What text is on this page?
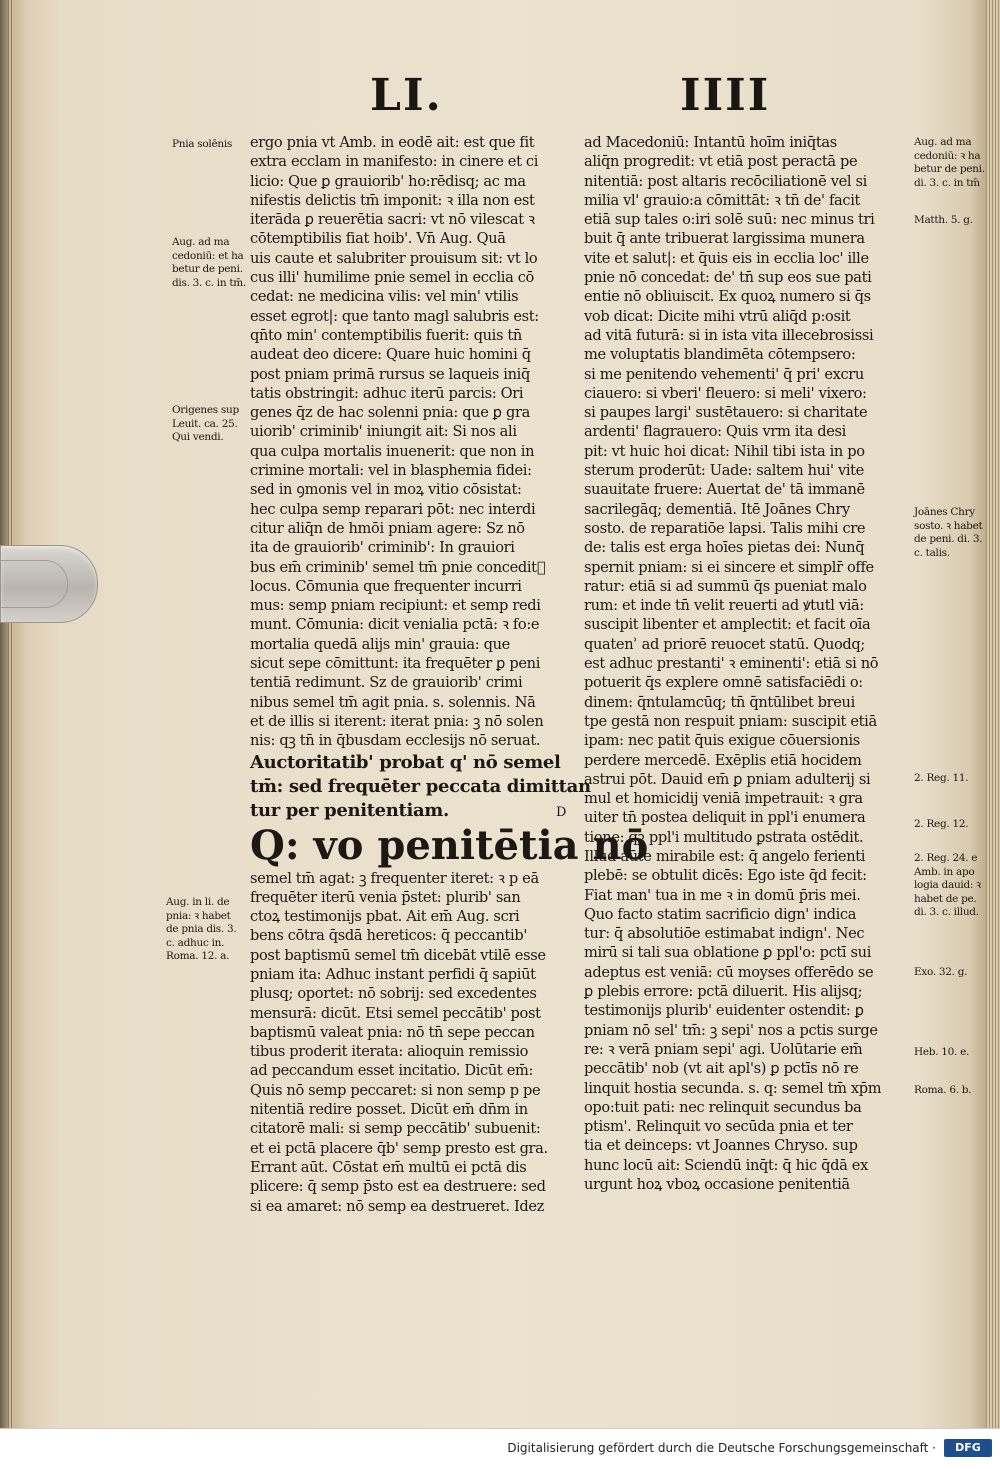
LI.	IIII
ergo pnia vt Amb. in eodē ait: est que fit
extra ecclam in manifesto: in cinere et ci
licio: Que ꝑ grauiorib' ho:rēdisq; ac ma
nifestis delictis tm̄ imponit: ꝛ illa non est
iterāda ꝑ reuerētia sacri: vt nō vilescat ꝛ
cōtemptibilis fiat hoib'. Vn̄ Aug. Quā
uis caute et salubriter prouisum sit: vt lo
cus illi' humilime pnie semel in ecclia cō
cedat: ne medicina vilis: vel min' vtilis
esset egrot|: que tanto magl salubris est:
qn̄to min' contemptibilis fuerit: quis tn̄
audeat deo dicere: Quare huic homini q̄
post pniam primā rursus se laqueis iniq̄
tatis obstringit: adhuc iterū parcis: Ori
genes q̄z de hac solenni pnia: que ꝑ gra
uiorib' criminib' iniungit ait: Si nos ali
qua culpa mortalis inuenerit: que non in
crimine mortali: vel in blasphemia fidei:
sed in ꝯmonis vel in moꝝ vitio cōsistat:
hec culpa semp reparari pōt: nec interdi
citur aliq̄n de hmōi pniam agere: Sz nō
ita de grauiorib' criminib': In grauiori
bus em̄ criminib' semel tm̄ pnie conceditᷣ
locus. Cōmunia que frequenter incurri
mus: semp pniam recipiunt: et semp redi
munt. Cōmunia: dicit venialia pctā: ꝛ fo:e
mortalia quedā alijs min' grauia: que
sicut sepe cōmittunt: ita frequēter ꝑ peni
tentiā redimunt. Sz de grauiorib' crimi
nibus semel tm̄ agit pnia. s. solennis. Nā
et de illis si iterent: iterat pnia: ꝫ nō solen
nis: qꝫ tn̄ in q̄busdam ecclesijs nō seruat.
Auctoritatib' probat q' nō semel
tm̄: sed frequēter peccata dimittan
tur per penitentiam.
Q: vo penitētia nō
semel tm̄ agat: ꝫ frequenter iteret: ꝛ p eā
frequēter iterū venia p̄stet: plurib' san
ctoꝝ testimonijs pbat. Ait em̄ Aug. scri
bens cōtra q̄sdā hereticos: q̄ peccantib'
post baptismū semel tm̄ dicebāt vtilē esse
pniam ita: Adhuc instant perfidi q̄ sapiūt
plusq; oportet: nō sobrij: sed excedentes
mensurā: dicūt. Etsi semel peccātib' post
baptismū valeat pnia: nō tn̄ sepe peccan
tibus proderit iterata: alioquin remissio
ad peccandum esset incitatio. Dicūt em̄:
Quis nō semp peccaret: si non semp p pe
nitentiā redire posset. Dicūt em̄ dn̄m in
citatorē mali: si semp peccātib' subuenit:
et ei pctā placere q̄b' semp presto est gra.
Errant aūt. Cōstat em̄ multū ei pctā dis
plicere: q̄ semp p̄sto est ea destruere: sed
si ea amaret: nō semp ea destrueret. Idez
D
ad Macedoniū: Intantū hoīm iniq̄tas
aliq̄n progredit: vt etiā post peractā pe
nitentiā: post altaris recōciliationē vel si
milia vl' grauio:a cōmittāt: ꝛ tn̄ de' facit
etiā sup tales o:iri solē suū: nec minus tri
buit q̄ ante tribuerat largissima munera
vite et salut|: et q̄uis eis in ecclia loc' ille
pnie nō concedat: de' tn̄ sup eos sue pati
entie nō obliuiscit. Ex quoꝝ numero si q̄s
vob dicat: Dicite mihi vtrū aliq̄d p:osit
ad vitā futurā: si in ista vita illecebrosissi
me voluptatis blandimēta cōtempsero:
si me penitendo vehementi' q̄ pri' excru
ciauero: si vberi' fleuero: si meli' vixero:
si paupes largi' sustētauero: si charitate
ardenti' flagrauero: Quis vrm ita desi
pit: vt huic hoi dicat: Nihil tibi ista in po
sterum proderūt: Uade: saltem hui' vite
suauitate fruere: Auertat de' tā immanē
sacrilegāq; dementiā. Itē Joānes Chry
sosto. de reparatiōe lapsi. Talis mihi cre
de: talis est erga hoīes pietas dei: Nunq̄
spernit pniam: si ei sincere et simplr̄ offe
ratur: etiā si ad summū q̄s pueniat malo
rum: et inde tn̄ velit reuerti ad ꝟtutl viā:
suscipit libenter et amplectit: et facit oīa
quatenʾ ad priorē reuocet statū. Quodq;
est adhuc prestanti' ꝛ eminenti': etiā si nō
potuerit q̄s explere omnē satisfaciēdi o:
dinem: q̄ntulamcūq; tn̄ q̄ntūlibet breui
tpe gestā non respuit pniam: suscipit etiā
ipam: nec patit q̄uis exigue cōuersionis
perdere mercedē. Exēplis etiā hocidem
astrui pōt. Dauid em̄ ꝑ pniam adulterij si
mul et homicidij veniā impetrauit: ꝛ gra
uiter tn̄ postea deliquit in ppl'i enumera
tione: qꝫ ppl'i multitudo ꝑstrata ostēdit.
Illud aūte mirabile est: q̄ angelo ferienti
plebē: se obtulit dicēs: Ego iste q̄d fecit:
Fiat man' tua in me ꝛ in domū p̄ris mei.
Quo facto statim sacrificio dign' indica
tur: q̄ absolutiōe estimabat indign'. Nec
mirū si tali sua oblatione ꝑ ppl'o: pctī sui
adeptus est veniā: cū moyses offerēdo se
ꝑ plebis errore: pctā diluerit. His alijsq;
testimonijs plurib' euidenter ostendit: ꝑ
pniam nō sel' tm̄: ꝫ sepi' nos a pctis surge
re: ꝛ verā pniam sepi' agi. Uolūtarie em̄
peccātib' nob (vt ait apl's) ꝑ pctīs nō re
linquit hostia secunda. s. q: semel tm̄ xp̄m
opo:tuit pati: nec relinquit secundus ba
ptism'. Relinquit vo secūda pnia et ter
tia et deinceps: vt Joannes Chryso. sup
hunc locū ait: Sciendū inq̄t: q̄ hic q̄dā ex
urgunt hoꝝ vboꝝ occasione penitentiā
Pnia solēnis
Aug. ad ma
cedoniū: et ha
betur de peni.
dis. 3. c. in tm̄.
Origenes sup
Leuit. ca. 25.
Qui vendi.
Aug. in li. de
pnia: ꝛ habet
de pnia dis. 3.
c. adhuc in.
Roma. 12. a.
Aug. ad ma
cedoniū: ꝛ ha
betur de peni.
di. 3. c. in tm̄
Matth. 5. g.
Joānes Chry
sosto. ꝛ habet
de peni. di. 3.
c. talis.
2. Reg. 11.
2. Reg. 12.
2. Reg. 24. e
Amb. in apo
logia dauid: ꝛ
habet de pe.
di. 3. c. illud.
Exo. 32. g.
Heb. 10. e.
Roma. 6. b.
Digitalisierung gefördert durch die Deutsche Forschungsgemeinschaft ·	DFG
